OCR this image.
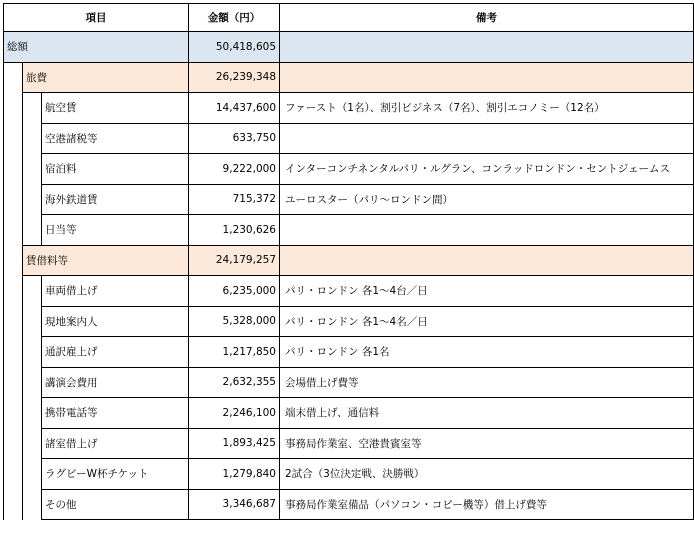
項目			金額（円）	備考
総額			50,418,605	
	旅費		26,239,348	
		航空賃	14,437,600	ファースト（1名）、割引ビジネス（7名）、割引エコノミー（12名）
		空港諸税等	633,750	
		宿泊料	9,222,000	インターコンチネンタルパリ・ルグラン、コンラッドロンドン・セントジェームス
		海外鉄道賃	715,372	ユーロスター（パリ～ロンドン間）
		日当等	1,230,626	
	賃借料等		24,179,257	
		車両借上げ	6,235,000	パリ・ロンドン 各1～4台／日
		現地案内人	5,328,000	パリ・ロンドン 各1～4名／日
		通訳雇上げ	1,217,850	パリ・ロンドン 各1名
		講演会費用	2,632,355	会場借上げ費等
		携帯電話等	2,246,100	端末借上げ、通信料
		諸室借上げ	1,893,425	事務局作業室、空港貴賓室等
		ラグビーW杯チケット	1,279,840	2試合（3位決定戦、決勝戦）
		その他	3,346,687	事務局作業室備品（パソコン・コピー機等）借上げ費等
